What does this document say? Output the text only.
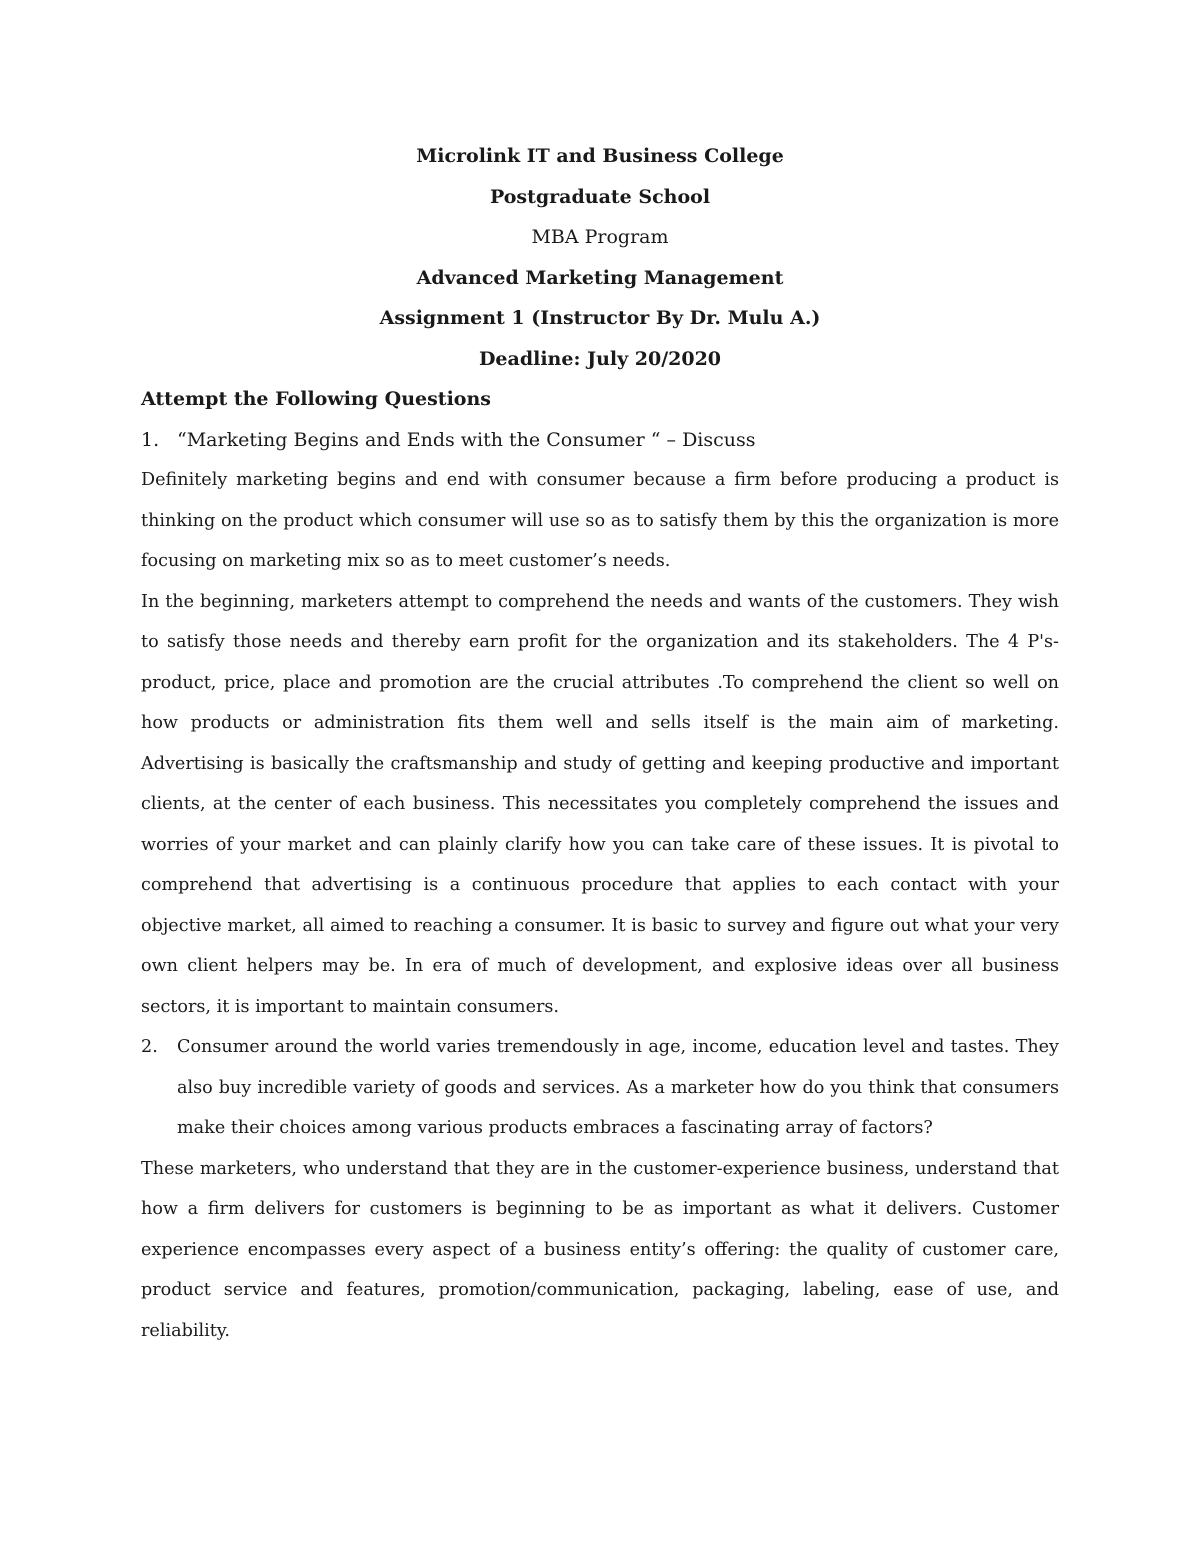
Microlink IT and Business College
Postgraduate School
MBA Program
Advanced Marketing Management
Assignment 1 (Instructor By Dr. Mulu A.)
Deadline: July 20/2020
Attempt the Following Questions
1. “Marketing Begins and Ends with the Consumer “ – Discuss

Definitely marketing begins and end with consumer because a firm before producing a product is thinking on the product which consumer will use so as to satisfy them by this the organization is more focusing on marketing mix so as to meet customer’s needs.

In the beginning, marketers attempt to comprehend the needs and wants of the customers. They wish to satisfy those needs and thereby earn profit for the organization and its stakeholders. The 4 P's- product, price, place and promotion are the crucial attributes .To comprehend the client so well on how products or administration fits them well and sells itself is the main aim of marketing. Advertising is basically the craftsmanship and study of getting and keeping productive and important clients, at the center of each business. This necessitates you completely comprehend the issues and worries of your market and can plainly clarify how you can take care of these issues. It is pivotal to comprehend that advertising is a continuous procedure that applies to each contact with your objective market, all aimed to reaching a consumer. It is basic to survey and figure out what your very own client helpers may be. In era of much of development, and explosive ideas over all business sectors, it is important to maintain consumers.

2.	Consumer around the world varies tremendously in age, income, education level and tastes. They also buy incredible variety of goods and services. As a marketer how do you think that consumers make their choices among various products embraces a fascinating array of factors?

These marketers, who understand that they are in the customer-experience business, understand that how a firm delivers for customers is beginning to be as important as what it delivers. Customer experience encompasses every aspect of a business entity’s offering: the quality of customer care, product service and features, promotion/communication, packaging, labeling, ease of use, and reliability.
